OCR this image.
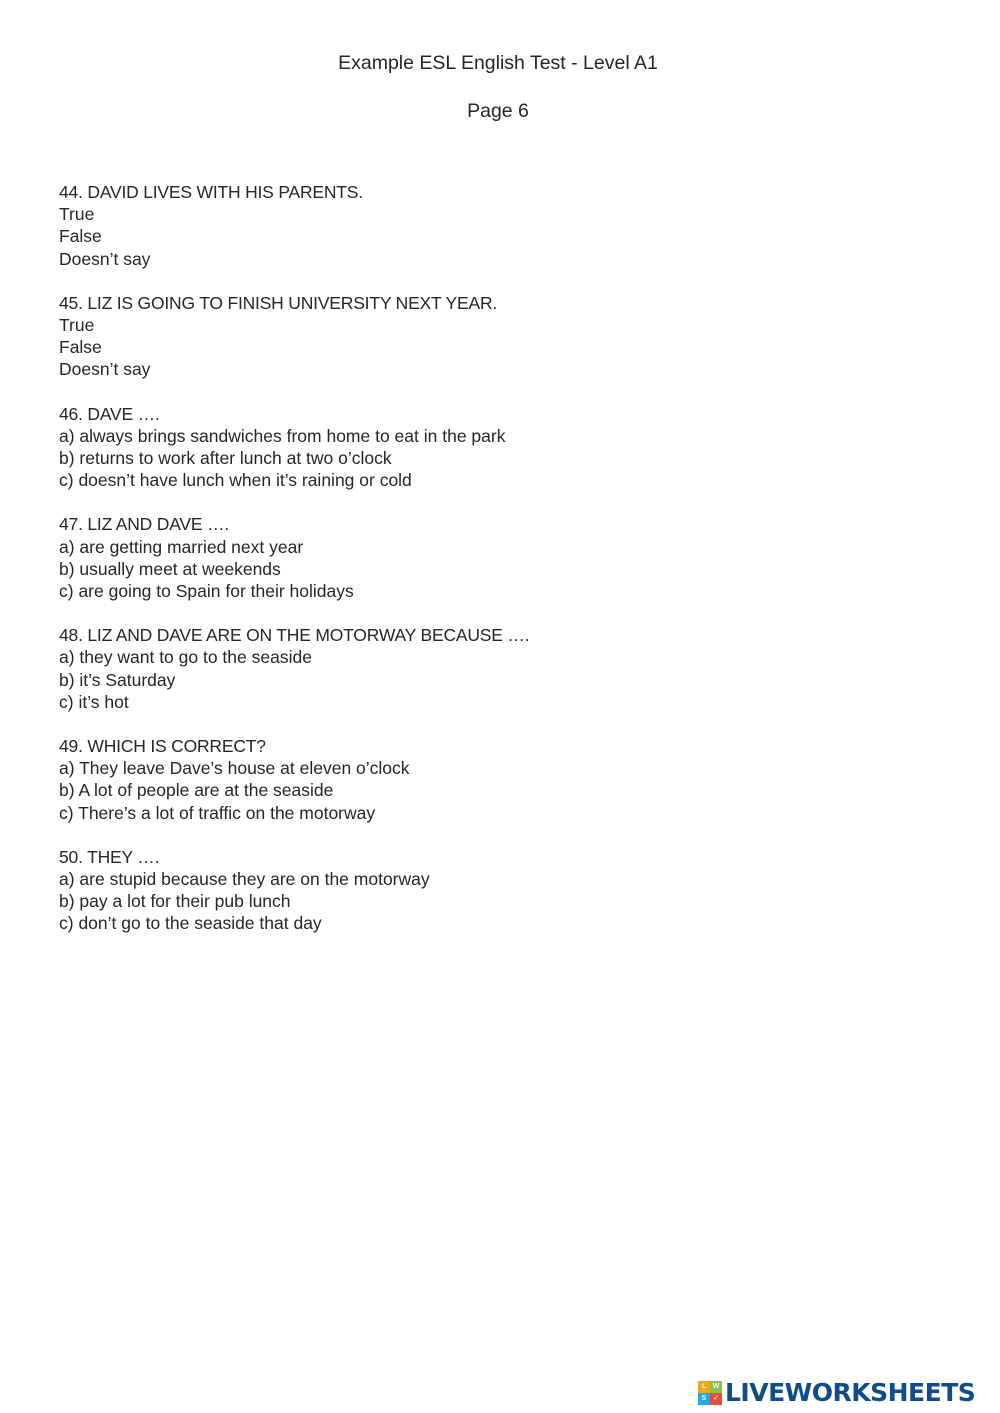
Example ESL English Test - Level A1
Page 6
44. DAVID LIVES WITH HIS PARENTS.
True
False
Doesn’t say
45. LIZ IS GOING TO FINISH UNIVERSITY NEXT YEAR.
True
False
Doesn’t say
46. DAVE ….
a) always brings sandwiches from home to eat in the park
b) returns to work after lunch at two o’clock
c) doesn’t have lunch when it’s raining or cold
47. LIZ AND DAVE ….
a) are getting married next year
b) usually meet at weekends
c) are going to Spain for their holidays
48. LIZ AND DAVE ARE ON THE MOTORWAY BECAUSE ….
a) they want to go to the seaside
b) it’s Saturday
c) it’s hot
49. WHICH IS CORRECT?
a) They leave Dave’s house at eleven o’clock
b) A lot of people are at the seaside
c) There’s a lot of traffic on the motorway
50. THEY ….
a) are stupid because they are on the motorway
b) pay a lot for their pub lunch
c) don’t go to the seaside that day
L W
S ✓ LIVEWORKSHEETS
